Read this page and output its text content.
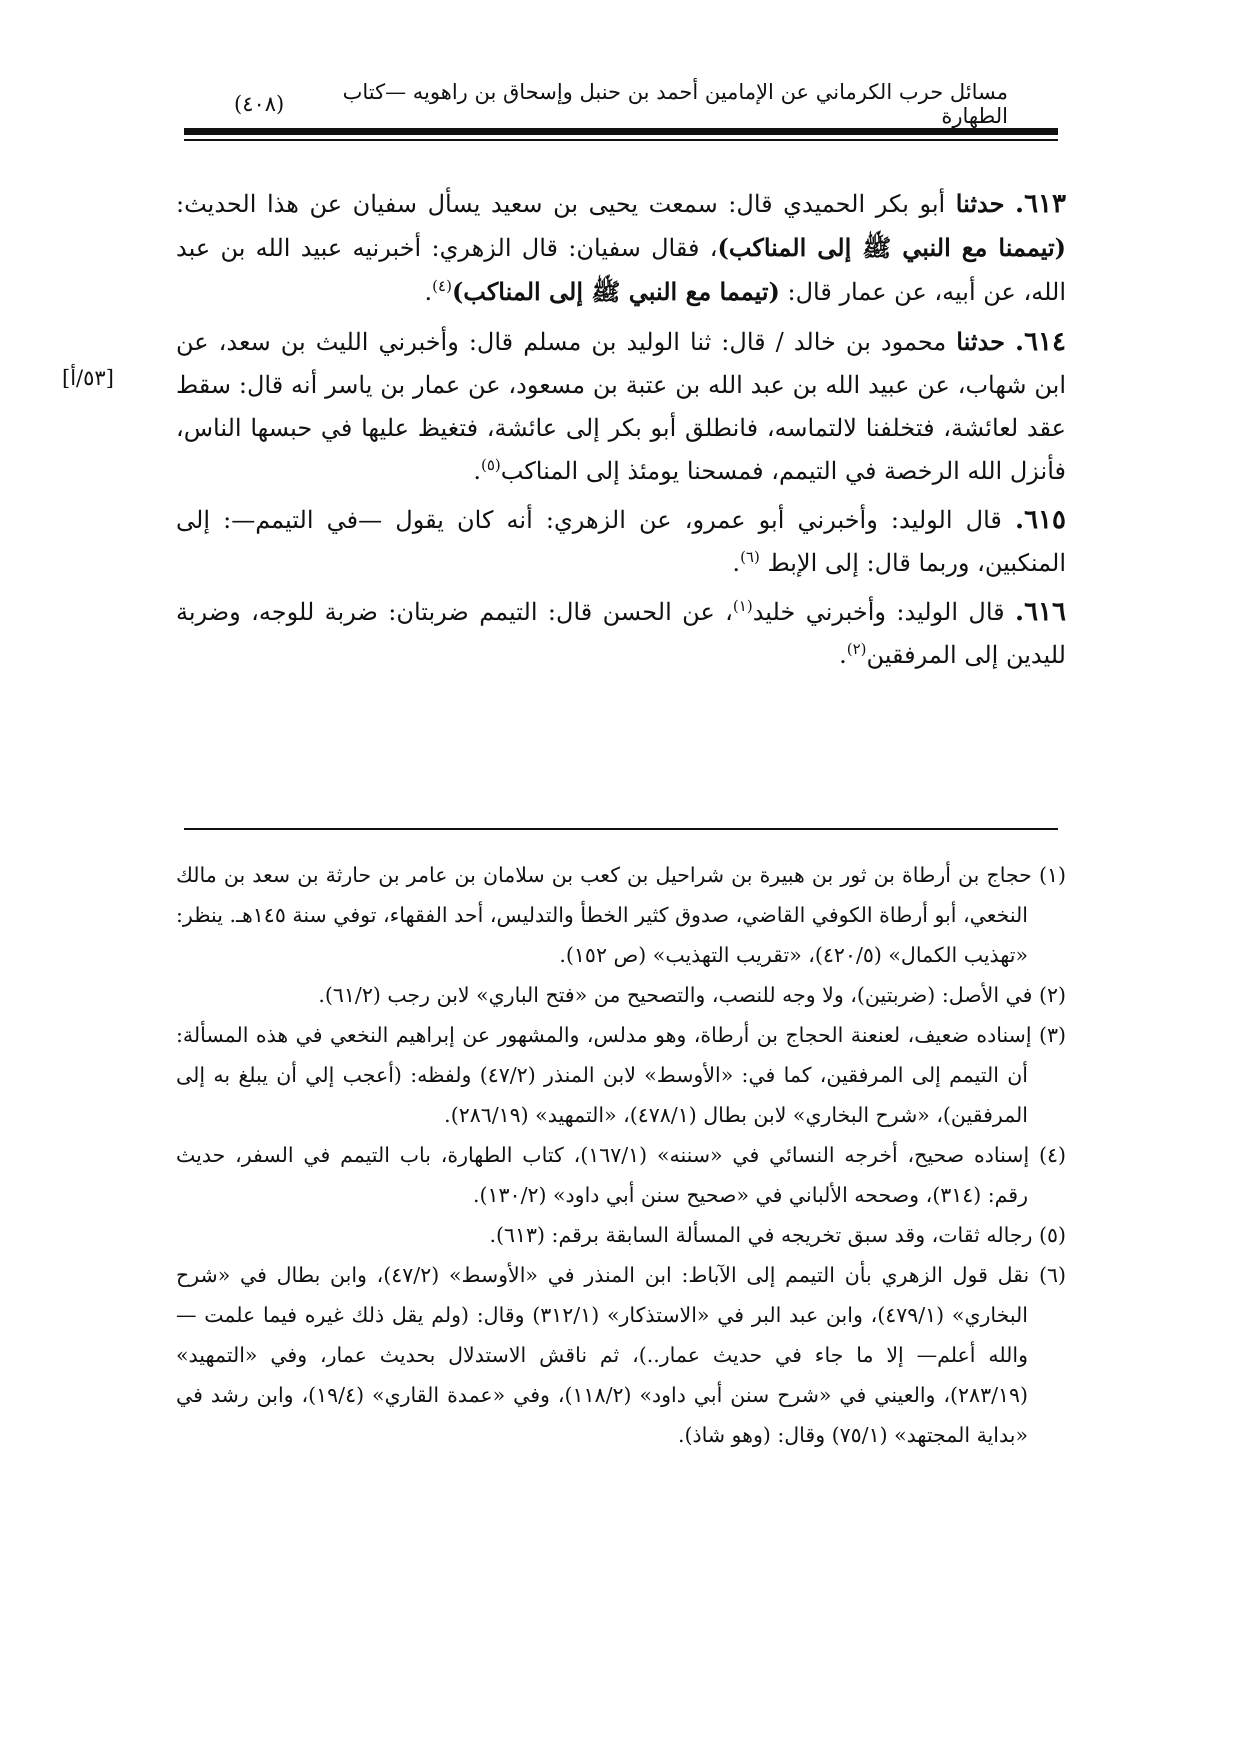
مسائل حرب الكرماني عن الإمامين أحمد بن حنبل وإسحاق بن راهويه —كتاب الطهارة
(٤٠٨)
[٥٣/أ]

٦١٣. حدثنا أبو بكر الحميدي قال: سمعت يحيى بن سعيد يسأل سفيان عن هذا الحديث: (تيممنا مع النبي ﷺ إلى المناكب)، فقال سفيان: قال الزهري: أخبرنيه عبيد الله بن عبد الله، عن أبيه، عن عمار قال: (تيمما مع النبي ﷺ إلى المناكب)$^{(٤)}$.

٦١٤. حدثنا محمود بن خالد / قال: ثنا الوليد بن مسلم قال: وأخبرني الليث بن سعد، عن ابن شهاب، عن عبيد الله بن عبد الله بن عتبة بن مسعود، عن عمار بن ياسر أنه قال: سقط عقد لعائشة، فتخلفنا لالتماسه، فانطلق أبو بكر إلى عائشة، فتغيظ عليها في حبسها الناس، فأنزل الله الرخصة في التيمم، فمسحنا يومئذ إلى المناكب$^{(٥)}$.

٦١٥. قال الوليد: وأخبرني أبو عمرو، عن الزهري: أنه كان يقول —في التيمم—: إلى المنكبين، وربما قال: إلى الإبط $^{(٦)}$.

٦١٦. قال الوليد: وأخبرني خليد$^{(١)}$، عن الحسن قال: التيمم ضربتان: ضربة للوجه، وضربة لليدين إلى المرفقين$^{(٢)}$.

(١) حجاج بن أرطاة بن ثور بن هبيرة بن شراحيل بن كعب بن سلامان بن عامر بن حارثة بن سعد بن مالك النخعي، أبو أرطاة الكوفي القاضي، صدوق كثير الخطأ والتدليس، أحد الفقهاء، توفي سنة ١٤٥هـ. ينظر: «تهذيب الكمال» (٤٢٠/٥)، «تقريب التهذيب» (ص ١٥٢).

(٢) في الأصل: (ضربتين)، ولا وجه للنصب، والتصحيح من «فتح الباري» لابن رجب (٦١/٢).

(٣) إسناده ضعيف، لعنعنة الحجاج بن أرطاة، وهو مدلس، والمشهور عن إبراهيم النخعي في هذه المسألة: أن التيمم إلى المرفقين، كما في: «الأوسط» لابن المنذر (٤٧/٢) ولفظه: (أعجب إلي أن يبلغ به إلى المرفقين)، «شرح البخاري» لابن بطال (٤٧٨/١)، «التمهيد» (٢٨٦/١٩).

(٤) إسناده صحيح، أخرجه النسائي في «سننه» (١٦٧/١)، كتاب الطهارة، باب التيمم في السفر، حديث رقم: (٣١٤)، وصححه الألباني في «صحيح سنن أبي داود» (١٣٠/٢).

(٥) رجاله ثقات، وقد سبق تخريجه في المسألة السابقة برقم: (٦١٣).

(٦) نقل قول الزهري بأن التيمم إلى الآباط: ابن المنذر في «الأوسط» (٤٧/٢)، وابن بطال في «شرح البخاري» (٤٧٩/١)، وابن عبد البر في «الاستذكار» (٣١٢/١) وقال: (ولم يقل ذلك غيره فيما علمت —والله أعلم— إلا ما جاء في حديث عمار..)، ثم ناقش الاستدلال بحديث عمار، وفي «التمهيد» (٢٨٣/١٩)، والعيني في «شرح سنن أبي داود» (١١٨/٢)، وفي «عمدة القاري» (١٩/٤)، وابن رشد في «بداية المجتهد» (٧٥/١) وقال: (وهو شاذ).
